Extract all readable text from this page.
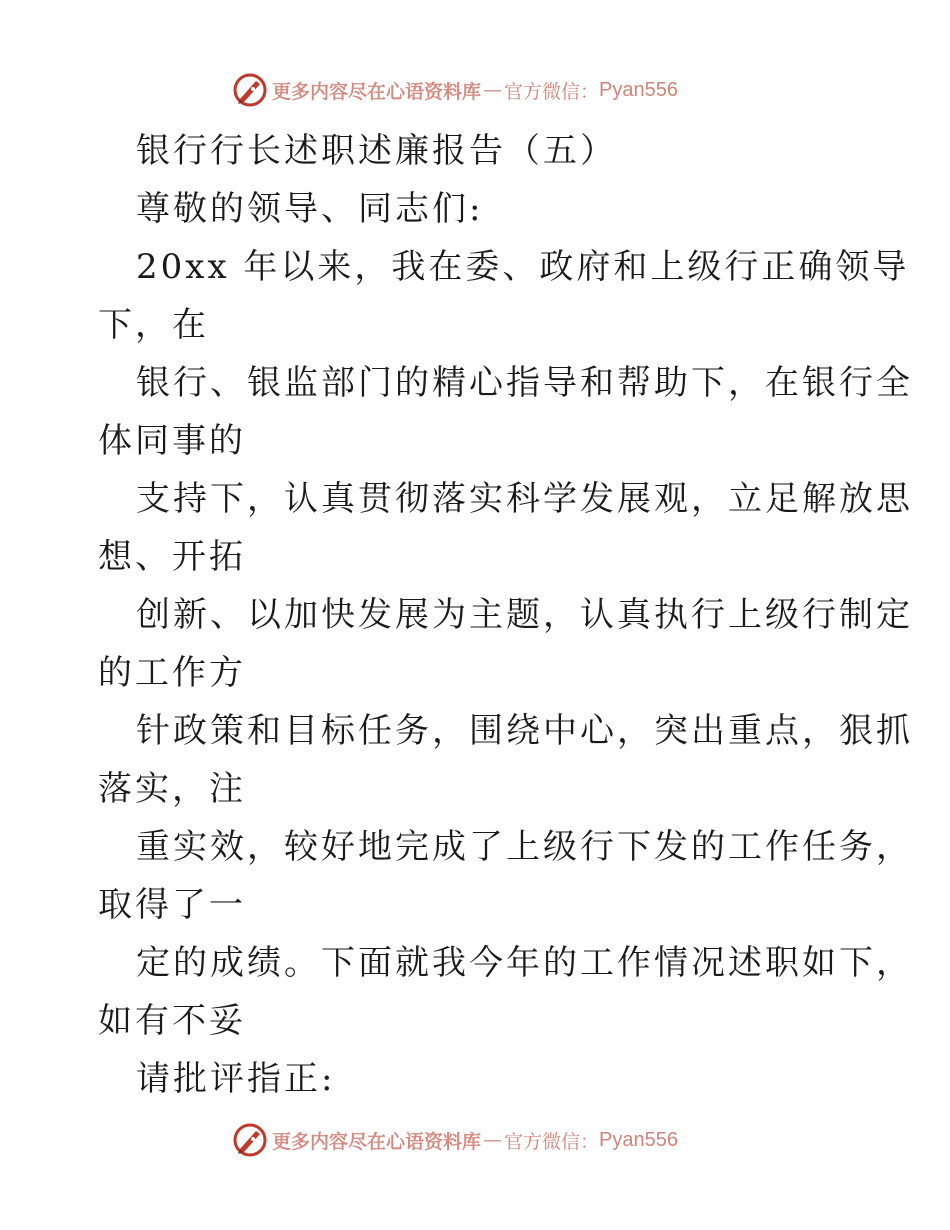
更多内容尽在心语资料库 — 官方微信： Pyan556
银行行长述职述廉报告（五）
尊敬的领导、同志们:
20xx 年以来，我在委、政府和上级行正确领导
下，在
银行、银监部门的精心指导和帮助下，在银行全
体同事的
支持下，认真贯彻落实科学发展观，立足解放思
想、开拓
创新、以加快发展为主题，认真执行上级行制定
的工作方
针政策和目标任务，围绕中心，突出重点，狠抓
落实，注
重实效，较好地完成了上级行下发的工作任务，
取得了一
定的成绩。下面就我今年的工作情况述职如下，
如有不妥
请批评指正:
更多内容尽在心语资料库 — 官方微信： Pyan556
